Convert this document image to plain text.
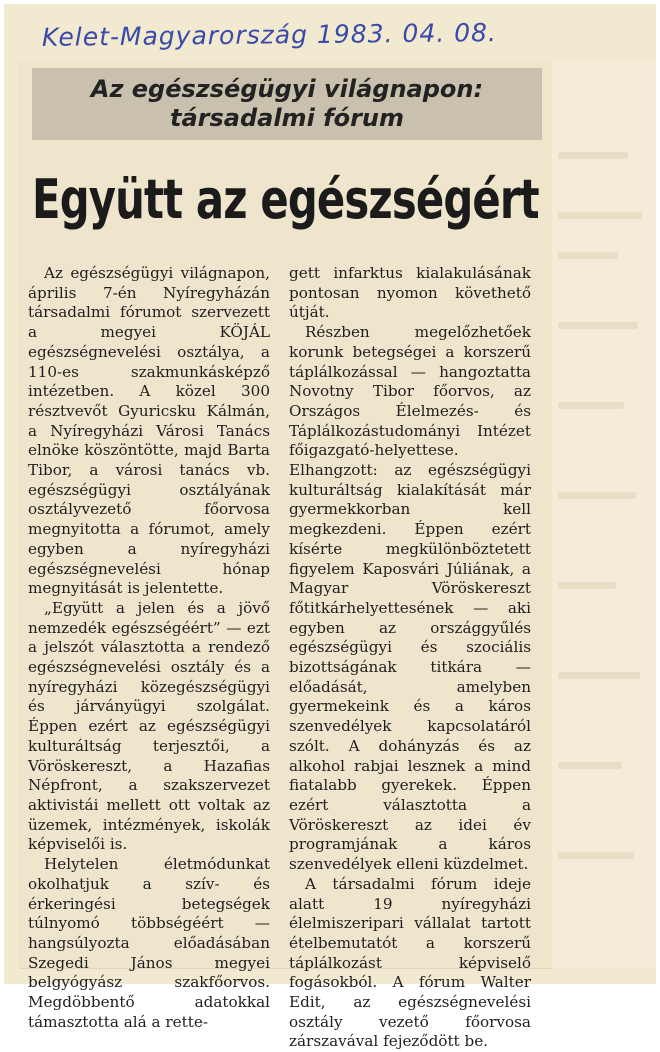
Kelet-Magyarország 1983. 04. 08.
Az egészségügyi világnapon:
társadalmi fórum
Együtt az egészségért

Az egészségügyi világnapon, április 7-én Nyíregyházán társadalmi fórumot szervezett a megyei KÖJÁL egészségnevelési osztálya, a 110-es szakmunkásképző intézetben. A közel 300 résztvevőt Gyuricsku Kálmán, a Nyíregyházi Városi Tanács elnöke köszöntötte, majd Barta Tibor, a városi tanács vb. egészségügyi osztályának osztályvezető főorvosa megnyitotta a fórumot, amely egyben a nyíregyházi egészségnevelési hónap megnyitását is jelentette.

„Együtt a jelen és a jövő nemzedék egészségéért” — ezt a jelszót választotta a rendező egészségnevelési osztály és a nyíregyházi közegészségügyi és járványügyi szolgálat. Éppen ezért az egészségügyi kulturáltság terjesztői, a Vöröskereszt, a Hazafias Népfront, a szakszervezet aktivistái mellett ott voltak az üzemek, intézmények, iskolák képviselői is.

Helytelen életmódunkat okolhatjuk a szív- és érkeringési betegségek túlnyomó többségéért — hangsúlyozta előadásában Szegedi János megyei belgyógyász szakfőorvos. Megdöbbentő adatokkal támasztotta alá a rette-

gett infarktus kialakulásának pontosan nyomon követhető útját.

Részben megelőzhetőek korunk betegségei a korszerű táplálkozással — hangoztatta Novotny Tibor főorvos, az Országos Élelmezés- és Táplálkozástudományi Intézet főigazgató-helyettese. Elhangzott: az egészségügyi kulturáltság kialakítását már gyermekkorban kell megkezdeni. Éppen ezért kísérte megkülönböztetett figyelem Kaposvári Júliának, a Magyar Vöröskereszt főtitkárhelyettesének — aki egyben az országgyűlés egészségügyi és szociális bizottságának titkára — előadását, amelyben gyermekeink és a káros szenvedélyek kapcsolatáról szólt. A dohányzás és az alkohol rabjai lesznek a mind fiatalabb gyerekek. Éppen ezért választotta a Vöröskereszt az idei év programjának a káros szenvedélyek elleni küzdelmet.

A társadalmi fórum ideje alatt 19 nyíregyházi élelmiszeripari vállalat tartott ételbemutatót a korszerű táplálkozást képviselő fogásokból. A fórum Walter Edit, az egészségnevelési osztály vezető főorvosa zárszavával fejeződött be.
